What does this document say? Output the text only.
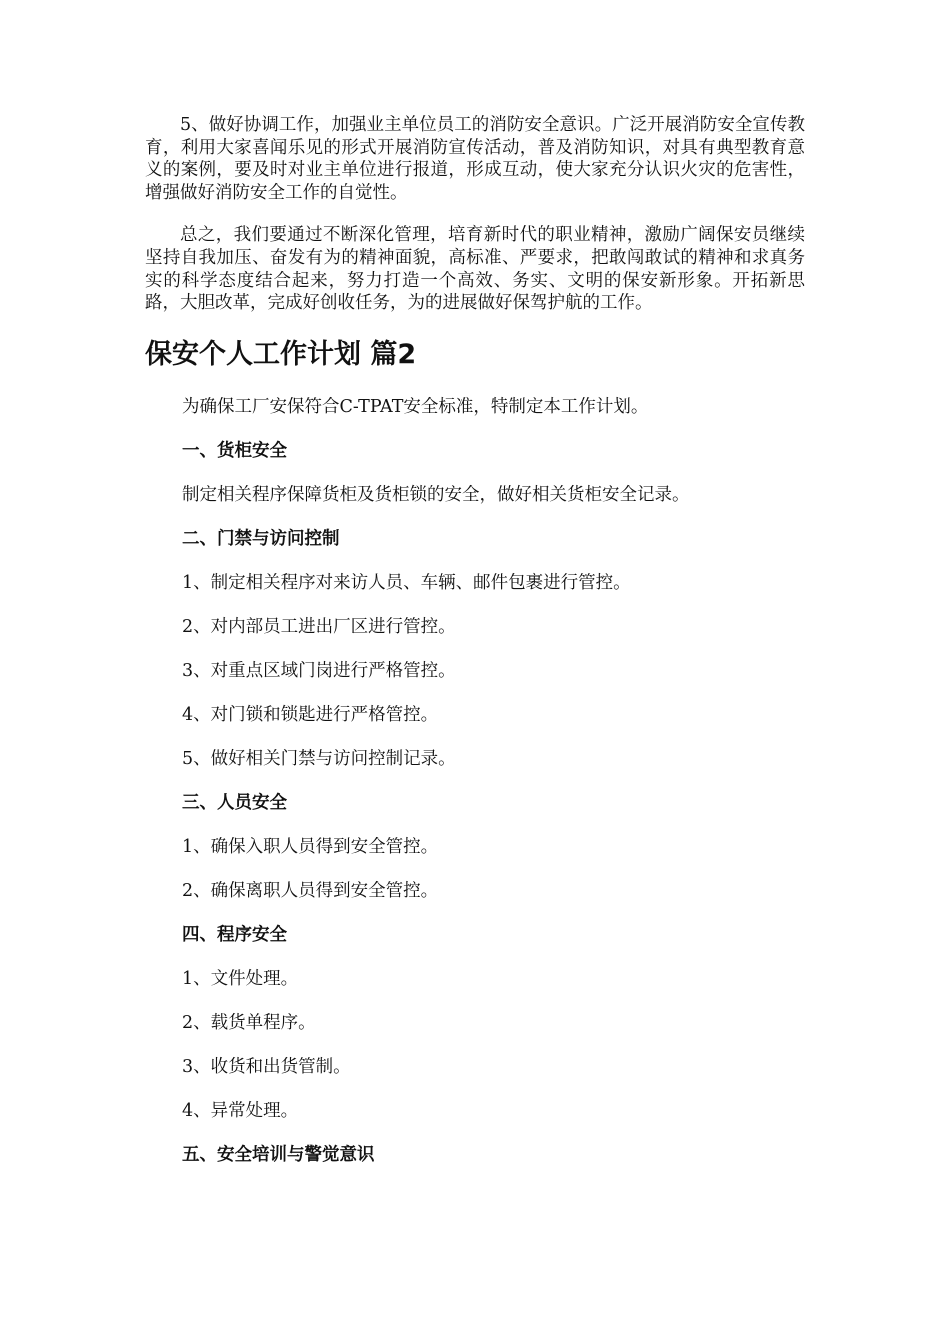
5、做好协调工作，加强业主单位员工的消防安全意识。广泛开展消防安全宣传教育，利用大家喜闻乐见的形式开展消防宣传活动，普及消防知识，对具有典型教育意义的案例，要及时对业主单位进行报道，形成互动，使大家充分认识火灾的危害性，增强做好消防安全工作的自觉性。

总之，我们要通过不断深化管理，培育新时代的职业精神，激励广阔保安员继续坚持自我加压、奋发有为的精神面貌，高标准、严要求，把敢闯敢试的精神和求真务实的科学态度结合起来，努力打造一个高效、务实、文明的保安新形象。开拓新思路，大胆改革，完成好创收任务，为的进展做好保驾护航的工作。

保安个人工作计划 篇2
为确保工厂安保符合C-TPAT安全标准，特制定本工作计划。
一、货柜安全
制定相关程序保障货柜及货柜锁的安全，做好相关货柜安全记录。
二、门禁与访问控制
1、制定相关程序对来访人员、车辆、邮件包裹进行管控。
2、对内部员工进出厂区进行管控。
3、对重点区域门岗进行严格管控。
4、对门锁和锁匙进行严格管控。
5、做好相关门禁与访问控制记录。
三、人员安全
1、确保入职人员得到安全管控。
2、确保离职人员得到安全管控。
四、程序安全
1、文件处理。
2、载货单程序。
3、收货和出货管制。
4、异常处理。
五、安全培训与警觉意识
